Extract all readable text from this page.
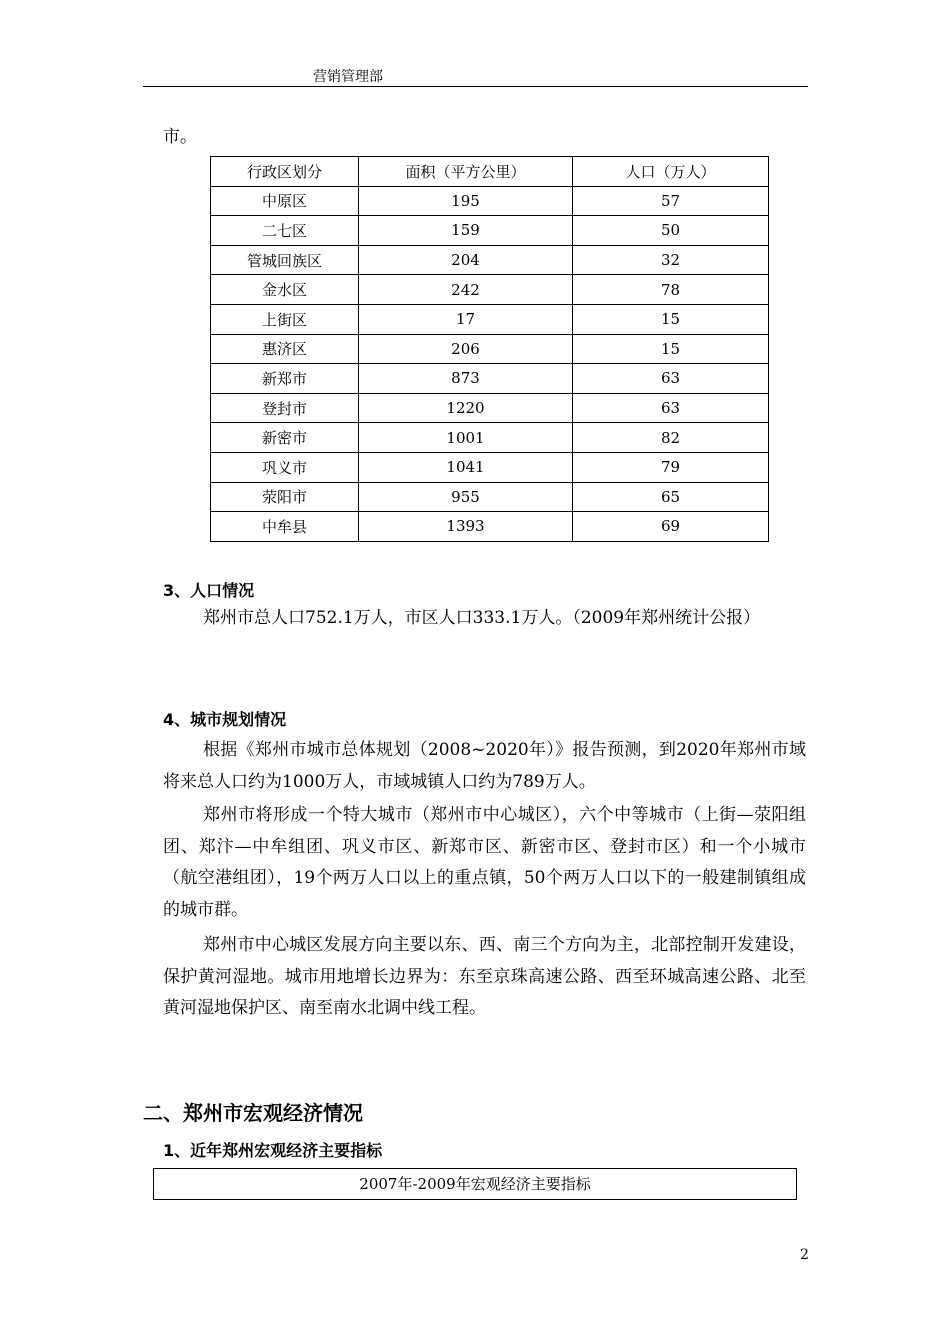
营销管理部
市。
行政区划分	面积（平方公里）	人口（万人）
中原区	195	57
二七区	159	50
管城回族区	204	32
金水区	242	78
上街区	17	15
惠济区	206	15
新郑市	873	63
登封市	1220	63
新密市	1001	82
巩义市	1041	79
荥阳市	955	65
中牟县	1393	69
3、人口情况
郑州市总人口752.1万人，市区人口333.1万人。（2009年郑州统计公报）
4、城市规划情况
根据《郑州市城市总体规划（2008~2020年）》报告预测，到2020年郑州市域将来总人口约为1000万人，市域城镇人口约为789万人。
郑州市将形成一个特大城市（郑州市中心城区），六个中等城市（上街—荥阳组团、郑汴—中牟组团、巩义市区、新郑市区、新密市区、登封市区）和一个小城市（航空港组团），19个两万人口以上的重点镇，50个两万人口以下的一般建制镇组成的城市群。
郑州市中心城区发展方向主要以东、西、南三个方向为主，北部控制开发建设，保护黄河湿地。城市用地增长边界为：东至京珠高速公路、西至环城高速公路、北至黄河湿地保护区、南至南水北调中线工程。
二、郑州市宏观经济情况
1、近年郑州宏观经济主要指标
2007年-2009年宏观经济主要指标
2
